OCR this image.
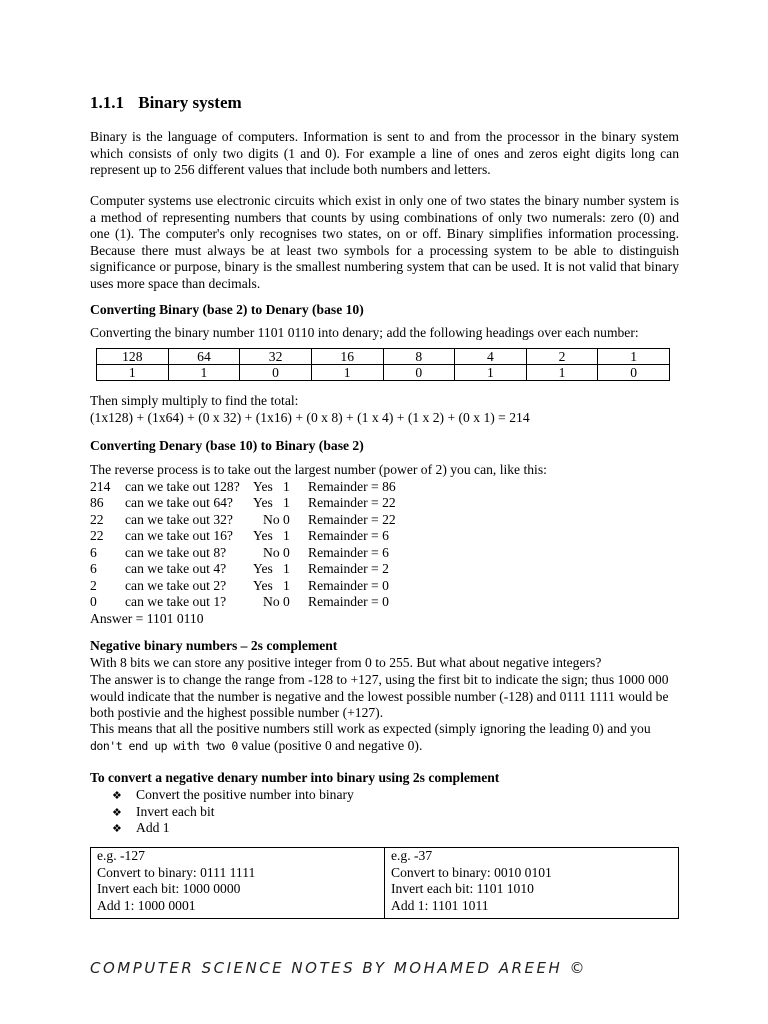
1.1.1 Binary system
Binary is the language of computers. Information is sent to and from the processor in the binary system which consists of only two digits (1 and 0). For example a line of ones and zeros eight digits long can represent up to 256 different values that include both numbers and letters.
Computer systems use electronic circuits which exist in only one of two states the binary number system is a method of representing numbers that counts by using combinations of only two numerals: zero (0) and one (1). The computer's only recognises two states, on or off. Binary simplifies information processing. Because there must always be at least two symbols for a processing system to be able to distinguish significance or purpose, binary is the smallest numbering system that can be used. It is not valid that binary uses more space than decimals.
Converting Binary (base 2) to Denary (base 10)
Converting the binary number 1101 0110 into denary; add the following headings over each number:
128	64	32	16	8	4	2	1
1	1	0	1	0	1	1	0
Then simply multiply to find the total:
(1x128) + (1x64) + (0 x 32) + (1x16) + (0 x 8) + (1 x 4) + (1 x 2) + (0 x 1) = 214
Converting Denary (base 10) to Binary (base 2)
The reverse process is to take out the largest number (power of 2) you can, like this:
214	can we take out 128? Yes 1	Remainder = 86
86	can we take out 64?	Yes 1	Remainder = 22
22	can we take out 32?	No 0	Remainder = 22
22	can we take out 16?	Yes 1	Remainder = 6
6	can we take out 8?	No 0	Remainder = 6
6	can we take out 4?	Yes 1	Remainder = 2
2	can we take out 2?	Yes 1	Remainder = 0
0	can we take out 1?	No 0	Remainder = 0
Answer = 1101 0110
Negative binary numbers – 2s complement
With 8 bits we can store any positive integer from 0 to 255. But what about negative integers?
The answer is to change the range from -128 to +127, using the first bit to indicate the sign; thus 1000 000 would indicate that the number is negative and the lowest possible number (-128) and 0111 1111 would be both postivie and the highest possible number (+127).
This means that all the positive numbers still work as expected (simply ignoring the leading 0) and you
don't end up with two 0 value (positive 0 and negative 0).
To convert a negative denary number into binary using 2s complement
❖ Convert the positive number into binary
❖ Invert each bit
❖ Add 1
e.g. -127
Convert to binary: 0111 1111
Invert each bit: 1000 0000
Add 1: 1000 0001

e.g. -37
Convert to binary: 0010 0101
Invert each bit: 1101 1010
Add 1: 1101 1011
COMPUTER SCIENCE NOTES BY MOHAMED AREEH ©
